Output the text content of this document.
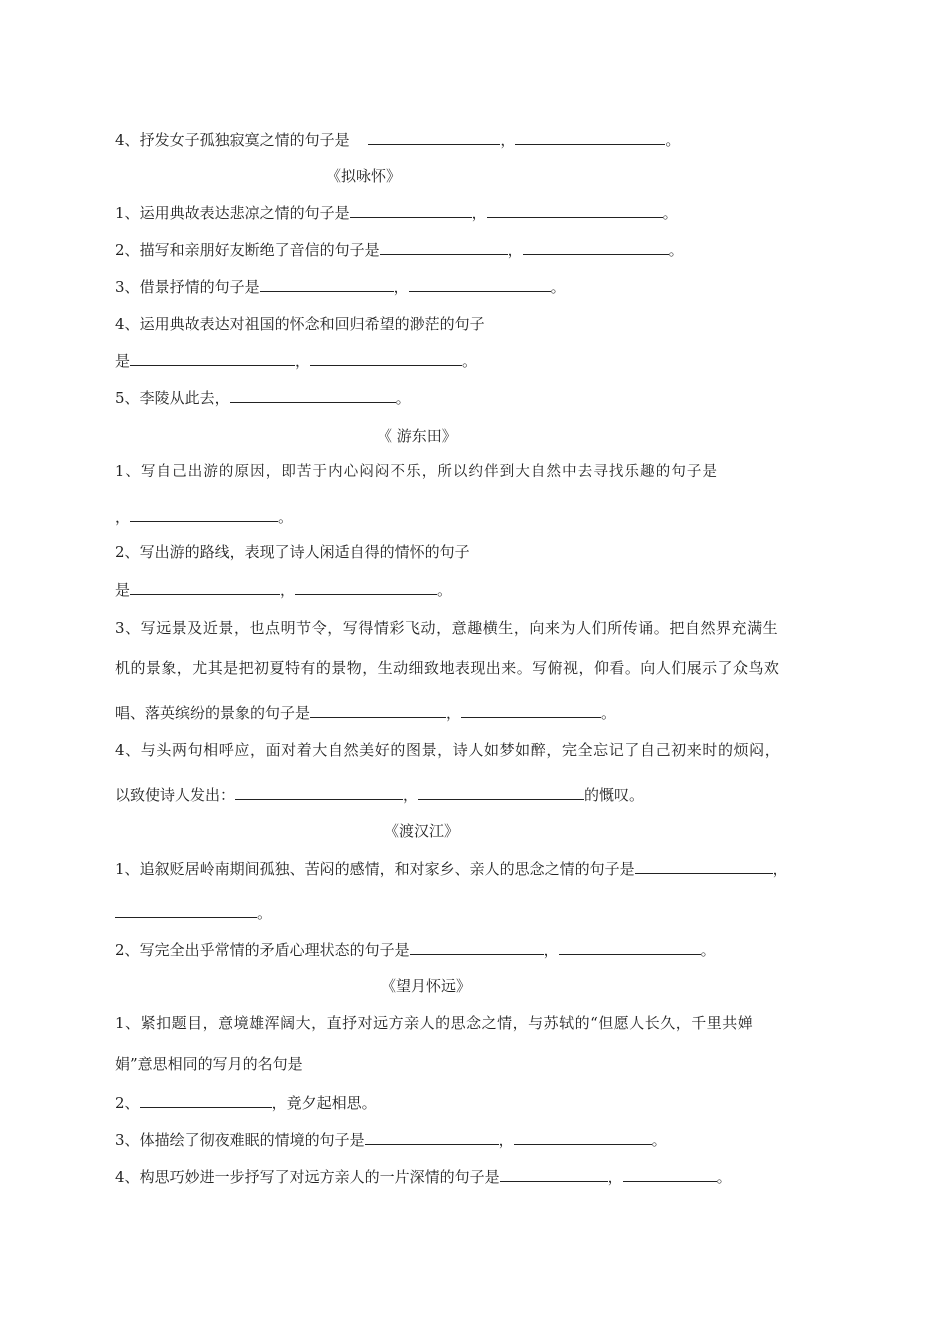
4、抒发女子孤独寂寞之情的句子是	，	。
《拟咏怀》
1、运用典故表达悲凉之情的句子是	，	。
2、描写和亲朋好友断绝了音信的句子是	，	。
3、借景抒情的句子是	，	。
4、运用典故表达对祖国的怀念和回归希望的渺茫的句子
是	，	。
5、李陵从此去，	。
《 游东田》
1、写自己出游的原因，即苦于内心闷闷不乐，所以约伴到大自然中去寻找乐趣的句子是
，	。
2、写出游的路线，表现了诗人闲适自得的情怀的句子
是	，	。
3、写远景及近景，也点明节令，写得情彩飞动，意趣横生，向来为人们所传诵。把自然界充满生
机的景象，尤其是把初夏特有的景物，生动细致地表现出来。写俯视，仰看。向人们展示了众鸟欢
唱、落英缤纷的景象的句子是	，	。
4、与头两句相呼应，面对着大自然美好的图景，诗人如梦如醉，完全忘记了自己初来时的烦闷，
以致使诗人发出：	，	的慨叹。
《渡汉江》
1、追叙贬居岭南期间孤独、苦闷的感情，和对家乡、亲人的思念之情的句子是	，
。
2、写完全出乎常情的矛盾心理状态的句子是	，	。
《望月怀远》
1、紧扣题目，意境雄浑阔大，直抒对远方亲人的思念之情，与苏轼的“但愿人长久，千里共婵
娟”意思相同的写月的名句是
2、	，竟夕起相思。
3、体描绘了彻夜难眠的情境的句子是	，	。
4、构思巧妙进一步抒写了对远方亲人的一片深情的句子是	，	。
